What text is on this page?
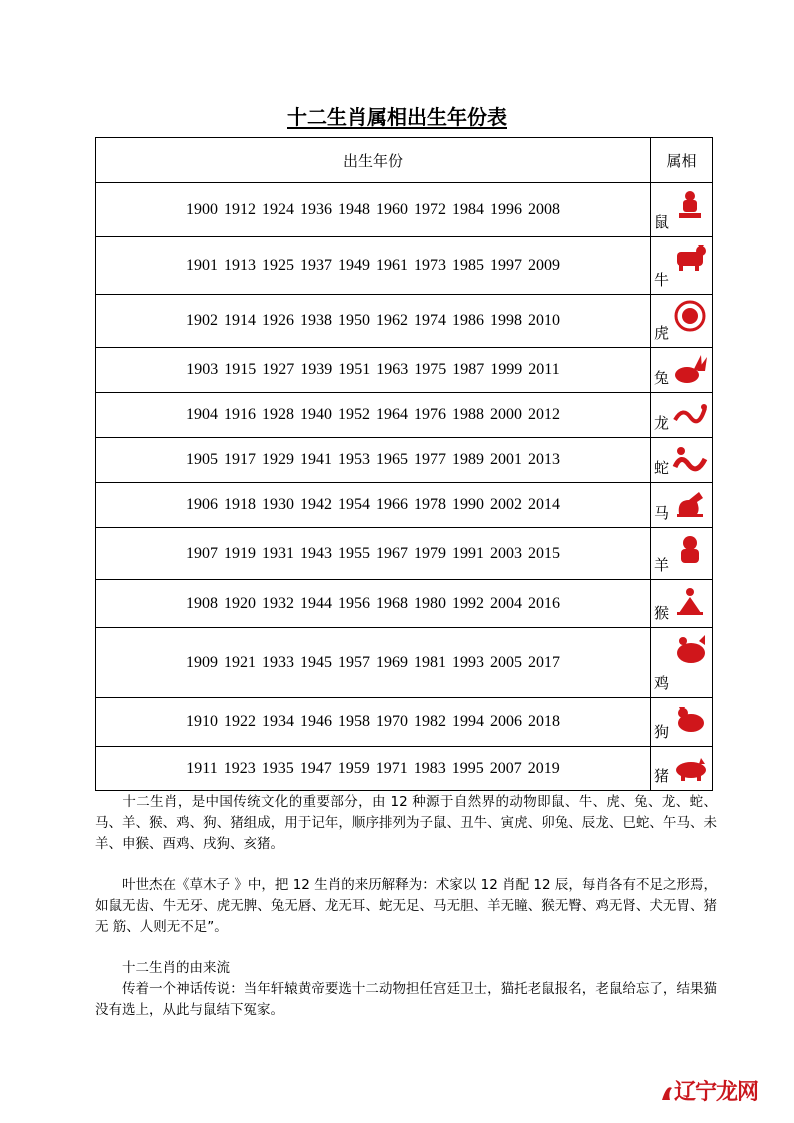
十二生肖属相出生年份表
出生年份	属相
1900 1912 1924 1936 1948 1960 1972 1984 1996 2008	鼠

1901 1913 1925 1937 1949 1961 1973 1985 1997 2009	牛

1902 1914 1926 1938 1950 1962 1974 1986 1998 2010	虎

1903 1915 1927 1939 1951 1963 1975 1987 1999 2011	兔

1904 1916 1928 1940 1952 1964 1976 1988 2000 2012	龙

1905 1917 1929 1941 1953 1965 1977 1989 2001 2013	蛇

1906 1918 1930 1942 1954 1966 1978 1990 2002 2014	马

1907 1919 1931 1943 1955 1967 1979 1991 2003 2015	羊

1908 1920 1932 1944 1956 1968 1980 1992 2004 2016	猴

1909 1921 1933 1945 1957 1969 1981 1993 2005 2017	鸡

1910 1922 1934 1946 1958 1970 1982 1994 2006 2018	狗

1911 1923 1935 1947 1959 1971 1983 1995 2007 2019	猪
十二生肖，是中国传统文化的重要部分，由 12 种源于自然界的动物即鼠、牛、虎、兔、龙、蛇、马、羊、猴、鸡、狗、猪组成，用于记年，顺序排列为子鼠、丑牛、寅虎、卯兔、辰龙、巳蛇、午马、未羊、申猴、酉鸡、戌狗、亥猪。
叶世杰在《草木子 》中，把 12 生肖的来历解释为：术家以 12 肖配 12 辰，每肖各有不足之形焉，如鼠无齿、牛无牙、虎无脾、兔无唇、龙无耳、蛇无足、马无胆、羊无瞳、猴无臀、鸡无肾、犬无胃、猪无 筋、人则无不足”。
十二生肖的由来流
传着一个神话传说：当年轩辕黄帝要选十二动物担任宫廷卫士，猫托老鼠报名，老鼠给忘了，结果猫没有选上，从此与鼠结下冤家。
辽宁龙网
